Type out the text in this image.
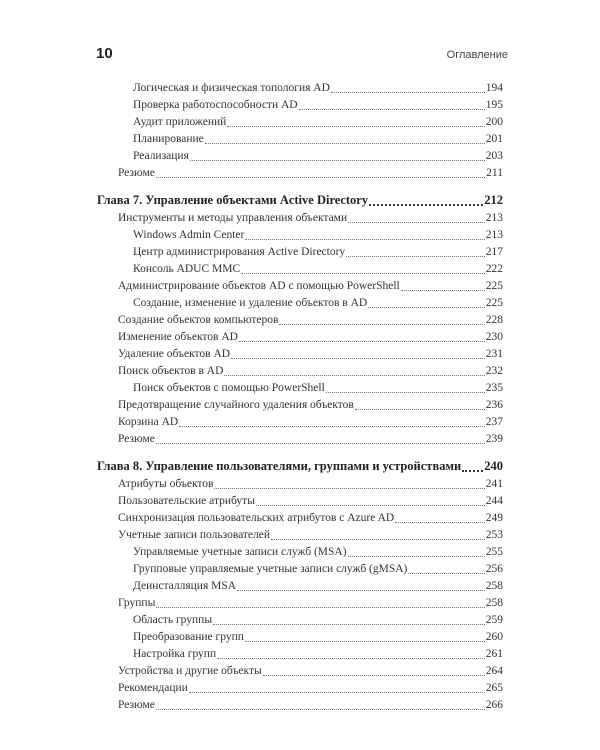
10	Оглавление
Логическая и физическая топология AD	194
Проверка работоспособности AD	195
Аудит приложений	200
Планирование	201
Реализация	203
Резюме	211
Глава 7. Управление объектами Active Directory	212
Инструменты и методы управления объектами	213
Windows Admin Center	213
Центр администрирования Active Directory	217
Консоль ADUC MMC	222
Администрирование объектов AD с помощью PowerShell	225
Создание, изменение и удаление объектов в AD	225
Создание объектов компьютеров	228
Изменение объектов AD	230
Удаление объектов AD	231
Поиск объектов в AD	232
Поиск объектов с помощью PowerShell	235
Предотвращение случайного удаления объектов	236
Корзина AD	237
Резюме	239
Глава 8. Управление пользователями, группами и устройствами 240
Атрибуты объектов	241
Пользовательские атрибуты	244
Синхронизация пользовательских атрибутов с Azure AD	249
Учетные записи пользователей	253
Управляемые учетные записи служб (MSA)	255
Групповые управляемые учетные записи служб (gMSA)	256
Деинсталляция MSA	258
Группы	258
Область группы	259
Преобразование групп	260
Настройка групп	261
Устройства и другие объекты	264
Рекомендации	265
Резюме	266
